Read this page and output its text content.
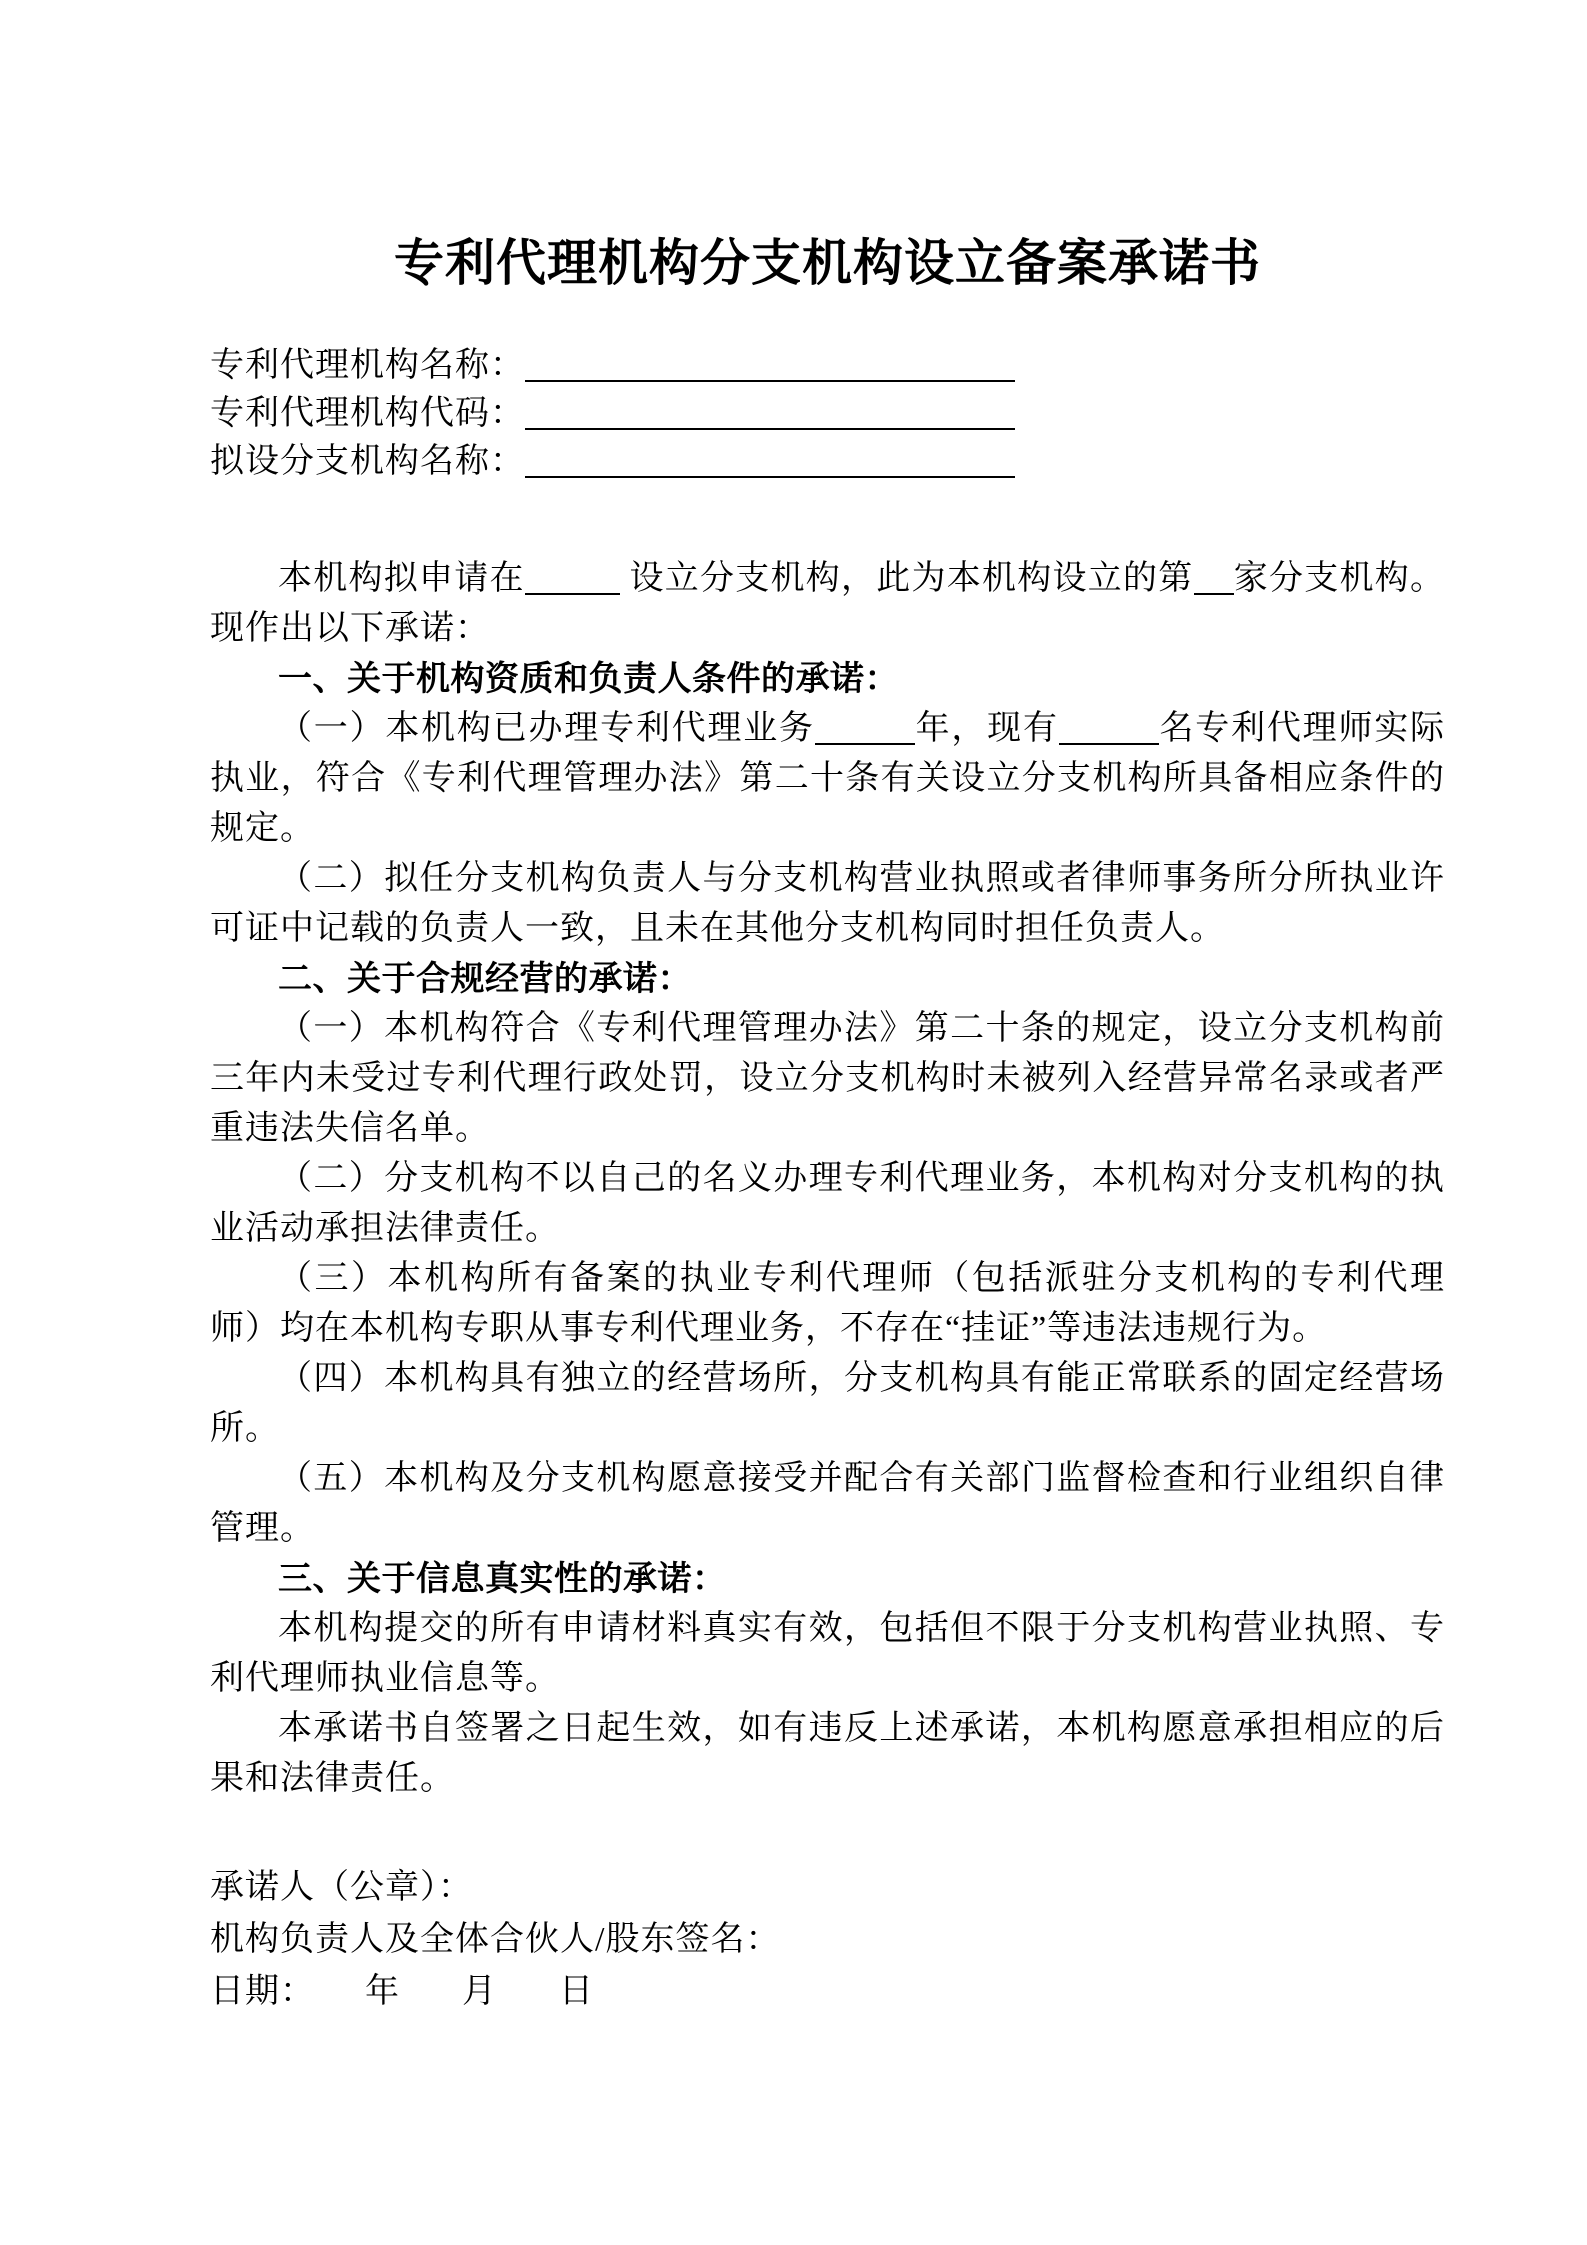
专利代理机构分支机构设立备案承诺书
专利代理机构名称：
专利代理机构代码：
拟设分支机构名称：

本机构拟申请在	设立分支机构，此为本机构设立的第 家分支机构。现作出以下承诺：

一、关于机构资质和负责人条件的承诺：

（一）本机构已办理专利代理业务	年，现有	名专利代理师实际执业，符合《专利代理管理办法》第二十条有关设立分支机构所具备相应条件的规定。

（二）拟任分支机构负责人与分支机构营业执照或者律师事务所分所执业许可证中记载的负责人一致，且未在其他分支机构同时担任负责人。

二、关于合规经营的承诺：

（一）本机构符合《专利代理管理办法》第二十条的规定，设立分支机构前三年内未受过专利代理行政处罚，设立分支机构时未被列入经营异常名录或者严重违法失信名单。

（二）分支机构不以自己的名义办理专利代理业务，本机构对分支机构的执业活动承担法律责任。

（三）本机构所有备案的执业专利代理师（包括派驻分支机构的专利代理师）均在本机构专职从事专利代理业务，不存在“挂证”等违法违规行为。

（四）本机构具有独立的经营场所，分支机构具有能正常联系的固定经营场所。

（五）本机构及分支机构愿意接受并配合有关部门监督检查和行业组织自律管理。

三、关于信息真实性的承诺：

本机构提交的所有申请材料真实有效，包括但不限于分支机构营业执照、专利代理师执业信息等。

本承诺书自签署之日起生效，如有违反上述承诺，本机构愿意承担相应的后果和法律责任。

承诺人（公章）：

机构负责人及全体合伙人/股东签名：

日期： 年 月 日
